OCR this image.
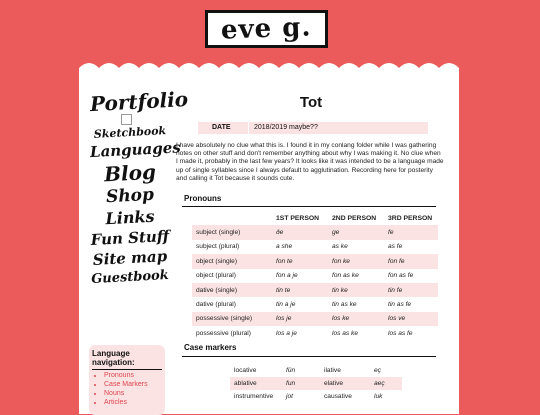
eve g.
Portfolio
Sketchbook
Languages
Blog
Shop
Links
Fun Stuff
Site map
Guestbook
Language navigation:
• Pronouns
• Case Markers
• Nouns
• Articles
Tot
DATE	2018/2019 maybe??

I have absolutely no clue what this is. I found it in my conlang folder while I was gathering notes on other stuff and don't remember anything about why I was making it. No clue when I made it, probably in the last few years? It looks like it was intended to be a language made up of single syllables since I always default to agglutination. Recording here for posterity and calling it Tot because it sounds cute.

Pronouns
	1ST PERSON	2ND PERSON	3RD PERSON
subject (single)	ðe	ge	fe
subject (plural)	a she	as ke	as fe
object (single)	fon te	fon ke	fon fe
object (plural)	fon a je	fon as ke	fon as fe
dative (single)	tin te	tin ke	tin fe
dative (plural)	tin a je	tin as ke	tin as fe
possessive (single)	los je	los ke	los ve
possessive (plural)	los a je	los as ke	los as fe
Case markers
locative	fün	ilative	eç
ablative	fun	elative	aeç
instrumentive	jot	causative	luk
